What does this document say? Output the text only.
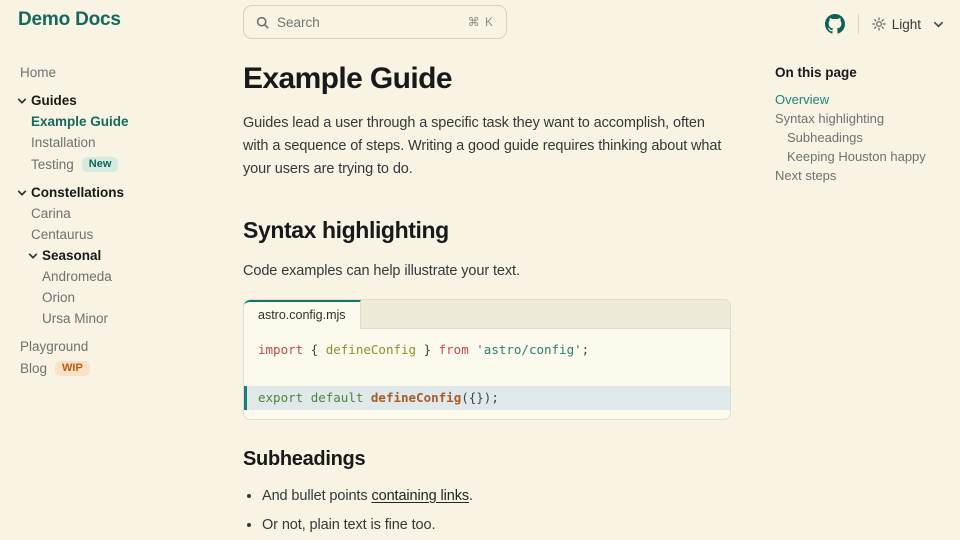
Demo Docs	Search	⌘ K	Light
Home
Guides
Example Guide
Installation
Testing	New
Constellations
Carina
Centaurus
Seasonal
Andromeda
Orion
Ursa Minor
Playground
Blog	WIP
Example Guide

Guides lead a user through a specific task they want to accomplish, often with a sequence of steps. Writing a good guide requires thinking about what your users are trying to do.

Syntax highlighting

Code examples can help illustrate your text.

astro.config.mjs
import { defineConfig } from 'astro/config';
export default defineConfig({});
Subheadings
• And bullet points containing links.
• Or not, plain text is fine too.
On this page
Overview
Syntax highlighting
Subheadings
Keeping Houston happy
Next steps
